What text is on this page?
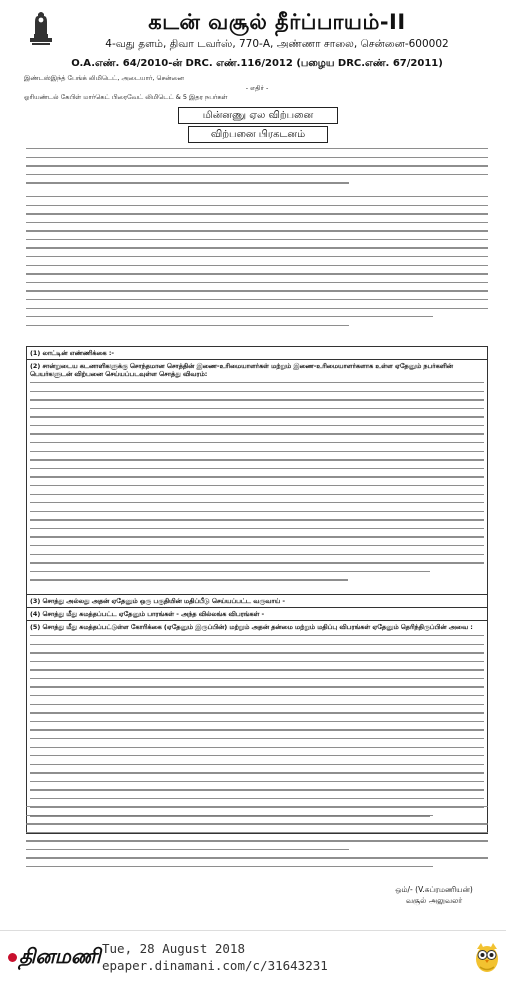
கடன் வசூல் தீர்ப்பாயம்-II
4-வது தளம், திவா டவர்ஸ், 770-A, அண்ணா சாலை, சென்னை-600002
O.A.எண். 64/2010-ன் DRC. எண்.116/2012 (பழைய DRC.எண். 67/2011)
இண்டஸ்இந்த் பேங்க் லிமிடெட், அடையார், சென்னை
- எதிர் -
ஓரியண்டல் கேபிள் மார்கெட் பிரைவேட் லிமிடெட் & 5 இதர நபர்கள்
மின்னணு ஏல விற்பனை
விற்பனை பிரகடனம்
(1) லாட்டின் எண்ணிக்கை :-

(2) சான்றுடைய கடனாளிகளுக்கு சொந்தமான சொத்தின் இணை-உரிமையாளர்கள் மற்றும் இணை-உரிமையாளர்களாக உள்ள ஏதேனும் நபர்களின் பெயர்களுடன் விற்பனை செய்யப்படவுள்ள சொத்து விவரம்:

(3) சொத்து அல்லது அதன் ஏதேனும் ஒரு பகுதியின் மதிப்பீடு செய்யப்பட்ட வருவாய் -
(4) சொத்து மீது சுமத்தப்பட்ட ஏதேனும் பாரங்கள் - அந்த வில்லங்க விபரங்கள் -

(5) சொத்து மீது சுமத்தப்பட்டுள்ள கோரிக்கை (ஏதேனும் இருப்பின்) மற்றும் அதன் தன்மை மற்றும் மதிப்பு விபரங்கள் ஏதேனும் தெரிந்திருப்பின் அவை :
ஒம்/- (V.சுப்ரமணியன்)
வசூல் அலுவலர்
தினமணி Tue, 28 August 2018
epaper.dinamani.com/c/31643231
